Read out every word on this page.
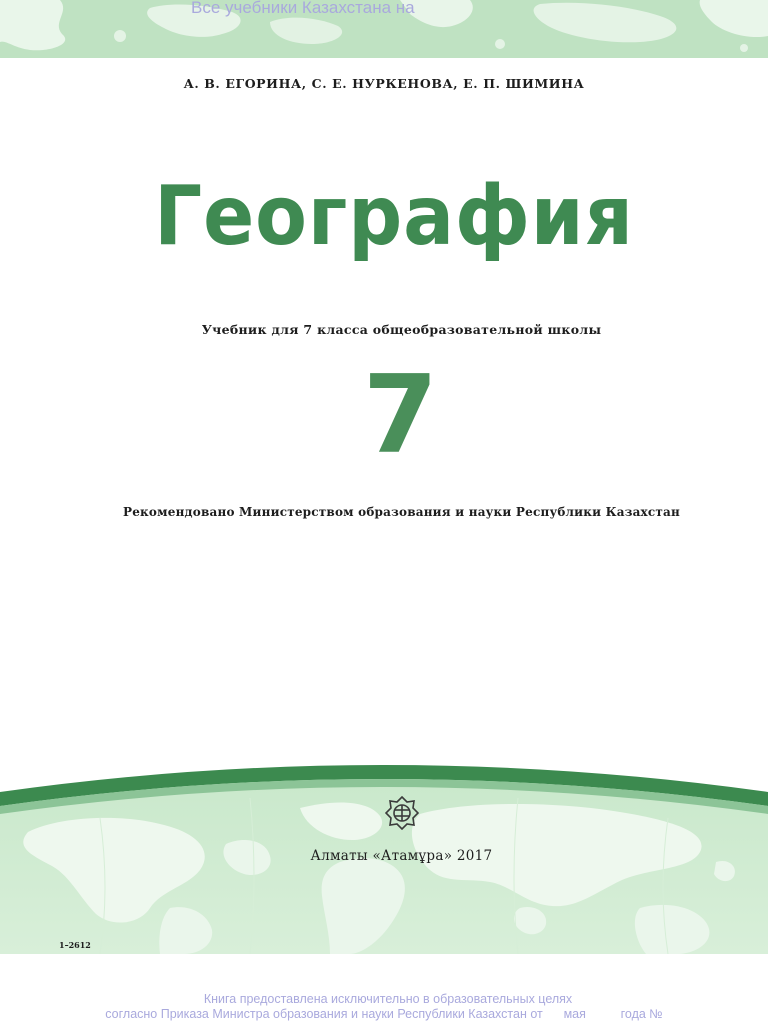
Все учебники Казахстана на
А. В. ЕГОРИНА, С. Е. НУРКЕНОВА, Е. П. ШИМИНА
География
Учебник для 7 класса общеобразовательной школы
7
Рекомендовано Министерством образования и науки Республики Казахстан
Алматы «Атамұра» 2017
1–2612
Книга предоставлена исключительно в образовательных целях
согласно Приказа Министра образования и науки Республики Казахстан от      мая          года №
